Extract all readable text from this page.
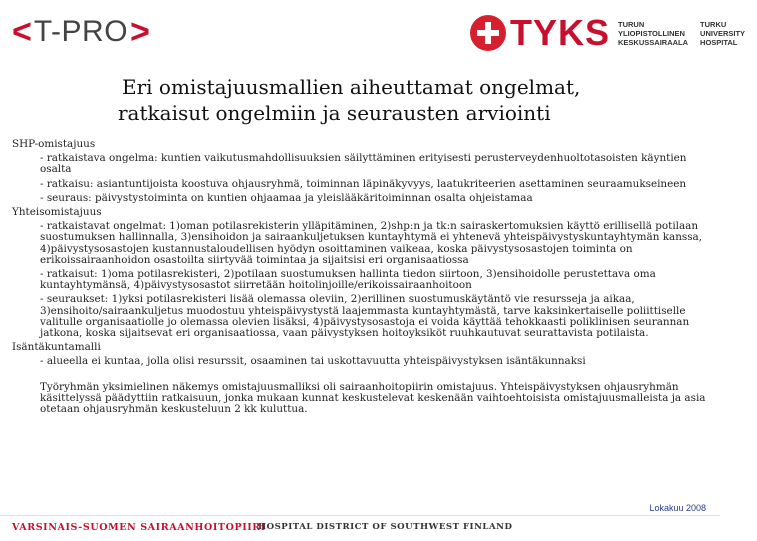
< T-PRO >	TYKS TURUN
YLIOPISTOLLINEN
KESKUSSAIRAALA
TURKU
UNIVERSITY
HOSPITAL
Eri omistajuusmallien aiheuttamat ongelmat,
ratkaisut ongelmiin ja seurausten arviointi
SHP-omistajuus
- ratkaistava ongelma: kuntien vaikutusmahdollisuuksien säilyttäminen erityisesti perusterveydenhuoltotasoisten käyntien osalta
- ratkaisu: asiantuntijoista koostuva ohjausryhmä, toiminnan läpinäkyvyys, laatukriteerien asettaminen seuraamukseineen
- seuraus: päivystystoiminta on kuntien ohjaamaa ja yleislääkäritoiminnan osalta ohjeistamaa
Yhteisomistajuus
- ratkaistavat ongelmat: 1)oman potilasrekisterin ylläpitäminen, 2)shp:n ja tk:n sairaskertomuksien käyttö erillisellä potilaan suostumuksen hallinnalla, 3)ensihoidon ja sairaankuljetuksen kuntayhtymä ei yhtenevä yhteispäivystyskuntayhtymän kanssa, 4)päivystysosastojen kustannustaloudellisen hyödyn osoittaminen vaikeaa, koska päivystysosastojen toiminta on erikoissairaanhoidon osastoilta siirtyvää toimintaa ja sijaitsisi eri organisaatiossa
- ratkaisut: 1)oma potilasrekisteri, 2)potilaan suostumuksen hallinta tiedon siirtoon, 3)ensihoidolle perustettava oma kuntayhtymänsä, 4)päivystysosastot siirretään hoitolinjoille/erikoissairaanhoitoon
- seuraukset: 1)yksi potilasrekisteri lisää olemassa oleviin, 2)erillinen suostumuskäytäntö vie resursseja ja aikaa, 3)ensihoito/sairaankuljetus muodostuu yhteispäivystystä laajemmasta kuntayhtymästä, tarve kaksinkertaiselle poliittiselle valitulle organisaatiolle jo olemassa olevien lisäksi, 4)päivystysosastoja ei voida käyttää tehokkaasti poliklinisen seurannan jatkona, koska sijaitsevat eri organisaatiossa, vaan päivystyksen hoitoyksiköt ruuhkautuvat seurattavista potilaista.
Isäntäkuntamalli
- alueella ei kuntaa, jolla olisi resurssit, osaaminen tai uskottavuutta yhteispäivystyksen isäntäkunnaksi
Työryhmän yksimielinen näkemys omistajuusmalliksi oli sairaanhoitopiirin omistajuus. Yhteispäivystyksen ohjausryhmän käsittelyssä päädyttiin ratkaisuun, jonka mukaan kunnat keskustelevat keskenään vaihtoehtoisista omistajuusmalleista ja asia otetaan ohjausryhmän keskusteluun 2 kk kuluttua.
Lokakuu 2008
VARSINAIS-SUOMEN SAIRAANHOITOPIIRI
HOSPITAL DISTRICT OF SOUTHWEST FINLAND
